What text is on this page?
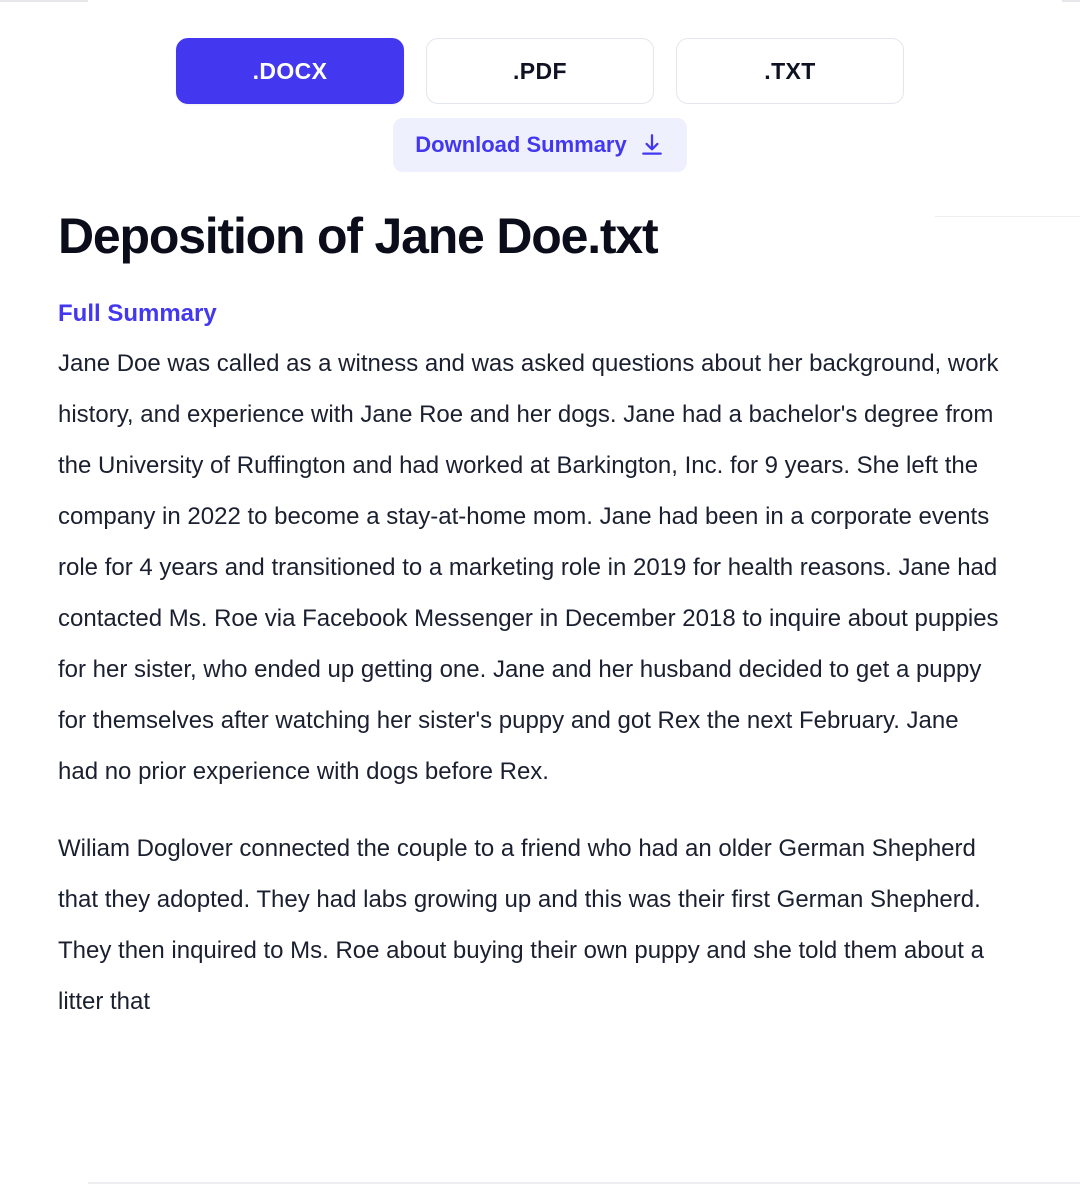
.DOCX	.PDF	.TXT
Download Summary
Deposition of Jane Doe.txt
Full Summary

Jane Doe was called as a witness and was asked questions about her background, work history, and experience with Jane Roe and her dogs. Jane had a bachelor's degree from the University of Ruffington and had worked at Barkington, Inc. for 9 years. She left the company in 2022 to become a stay-at-home mom. Jane had been in a corporate events role for 4 years and transitioned to a marketing role in 2019 for health reasons. Jane had contacted Ms. Roe via Facebook Messenger in December 2018 to inquire about puppies for her sister, who ended up getting one. Jane and her husband decided to get a puppy for themselves after watching her sister's puppy and got Rex the next February. Jane had no prior experience with dogs before Rex.

Wiliam Doglover connected the couple to a friend who had an older German Shepherd that they adopted. They had labs growing up and this was their first German Shepherd. They then inquired to Ms. Roe about buying their own puppy and she told them about a litter that
